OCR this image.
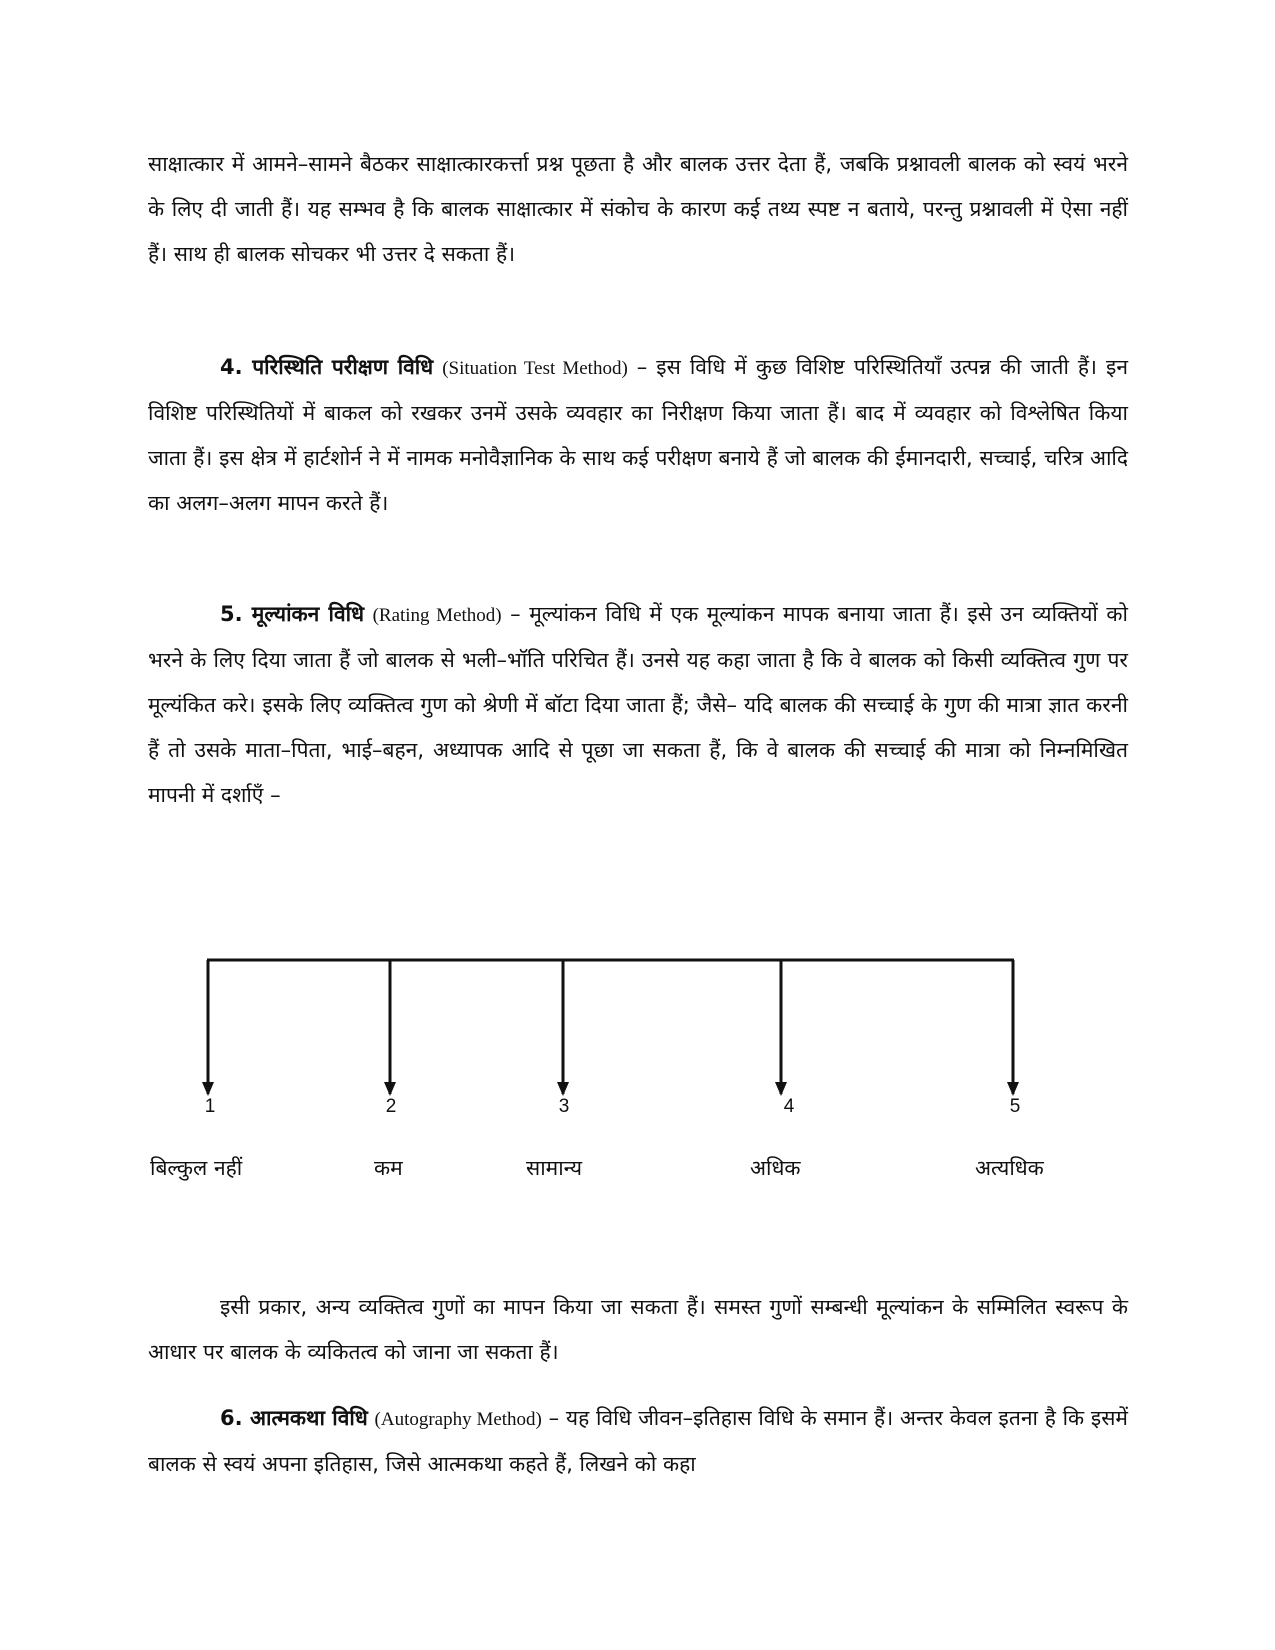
साक्षात्कार में आमने–सामने बैठकर साक्षात्कारकर्त्ता प्रश्न पूछता है और बालक उत्तर देता हैं, जबकि प्रश्नावली बालक को स्वयं भरने के लिए दी जाती हैं। यह सम्भव है कि बालक साक्षात्कार में संकोच के कारण कई तथ्य स्पष्ट न बताये, परन्तु प्रश्नावली में ऐसा नहीं हैं। साथ ही बालक सोचकर भी उत्तर दे सकता हैं।

4. परिस्थिति परीक्षण विधि (Situation Test Method) – इस विधि में कुछ विशिष्ट परिस्थितियाँ उत्पन्न की जाती हैं। इन विशिष्ट परिस्थितियों में बाकल को रखकर उनमें उसके व्यवहार का निरीक्षण किया जाता हैं। बाद में व्यवहार को विश्लेषित किया जाता हैं। इस क्षेत्र में हार्टशोर्न ने में नामक मनोवैज्ञानिक के साथ कई परीक्षण बनाये हैं जो बालक की ईमानदारी, सच्चाई, चरित्र आदि का अलग–अलग मापन करते हैं।

5. मूल्यांकन विधि (Rating Method) – मूल्यांकन विधि में एक मूल्यांकन मापक बनाया जाता हैं। इसे उन व्यक्तियों को भरने के लिए दिया जाता हैं जो बालक से भली–भॉति परिचित हैं। उनसे यह कहा जाता है कि वे बालक को किसी व्यक्तित्व गुण पर मूल्यंकित करे। इसके लिए व्यक्तित्व गुण को श्रेणी में बॉटा दिया जाता हैं; जैसे– यदि बालक की सच्चाई के गुण की मात्रा ज्ञात करनी हैं तो उसके माता–पिता, भाई–बहन, अध्यापक आदि से पूछा जा सकता हैं, कि वे बालक की सच्चाई की मात्रा को निम्नमिखित मापनी में दर्शाएँ –

1	2	3	4	5
बिल्कुल नहीं	कम	सामान्य	अधिक	अत्यधिक

इसी प्रकार, अन्य व्यक्तित्व गुणों का मापन किया जा सकता हैं। समस्त गुणों सम्बन्धी मूल्यांकन के सम्मिलित स्वरूप के आधार पर बालक के व्यकितत्व को जाना जा सकता हैं।

6. आत्मकथा विधि (Autography Method) – यह विधि जीवन–इतिहास विधि के समान हैं। अन्तर केवल इतना है कि इसमें बालक से स्वयं अपना इतिहास, जिसे आत्मकथा कहते हैं, लिखने को कहा
